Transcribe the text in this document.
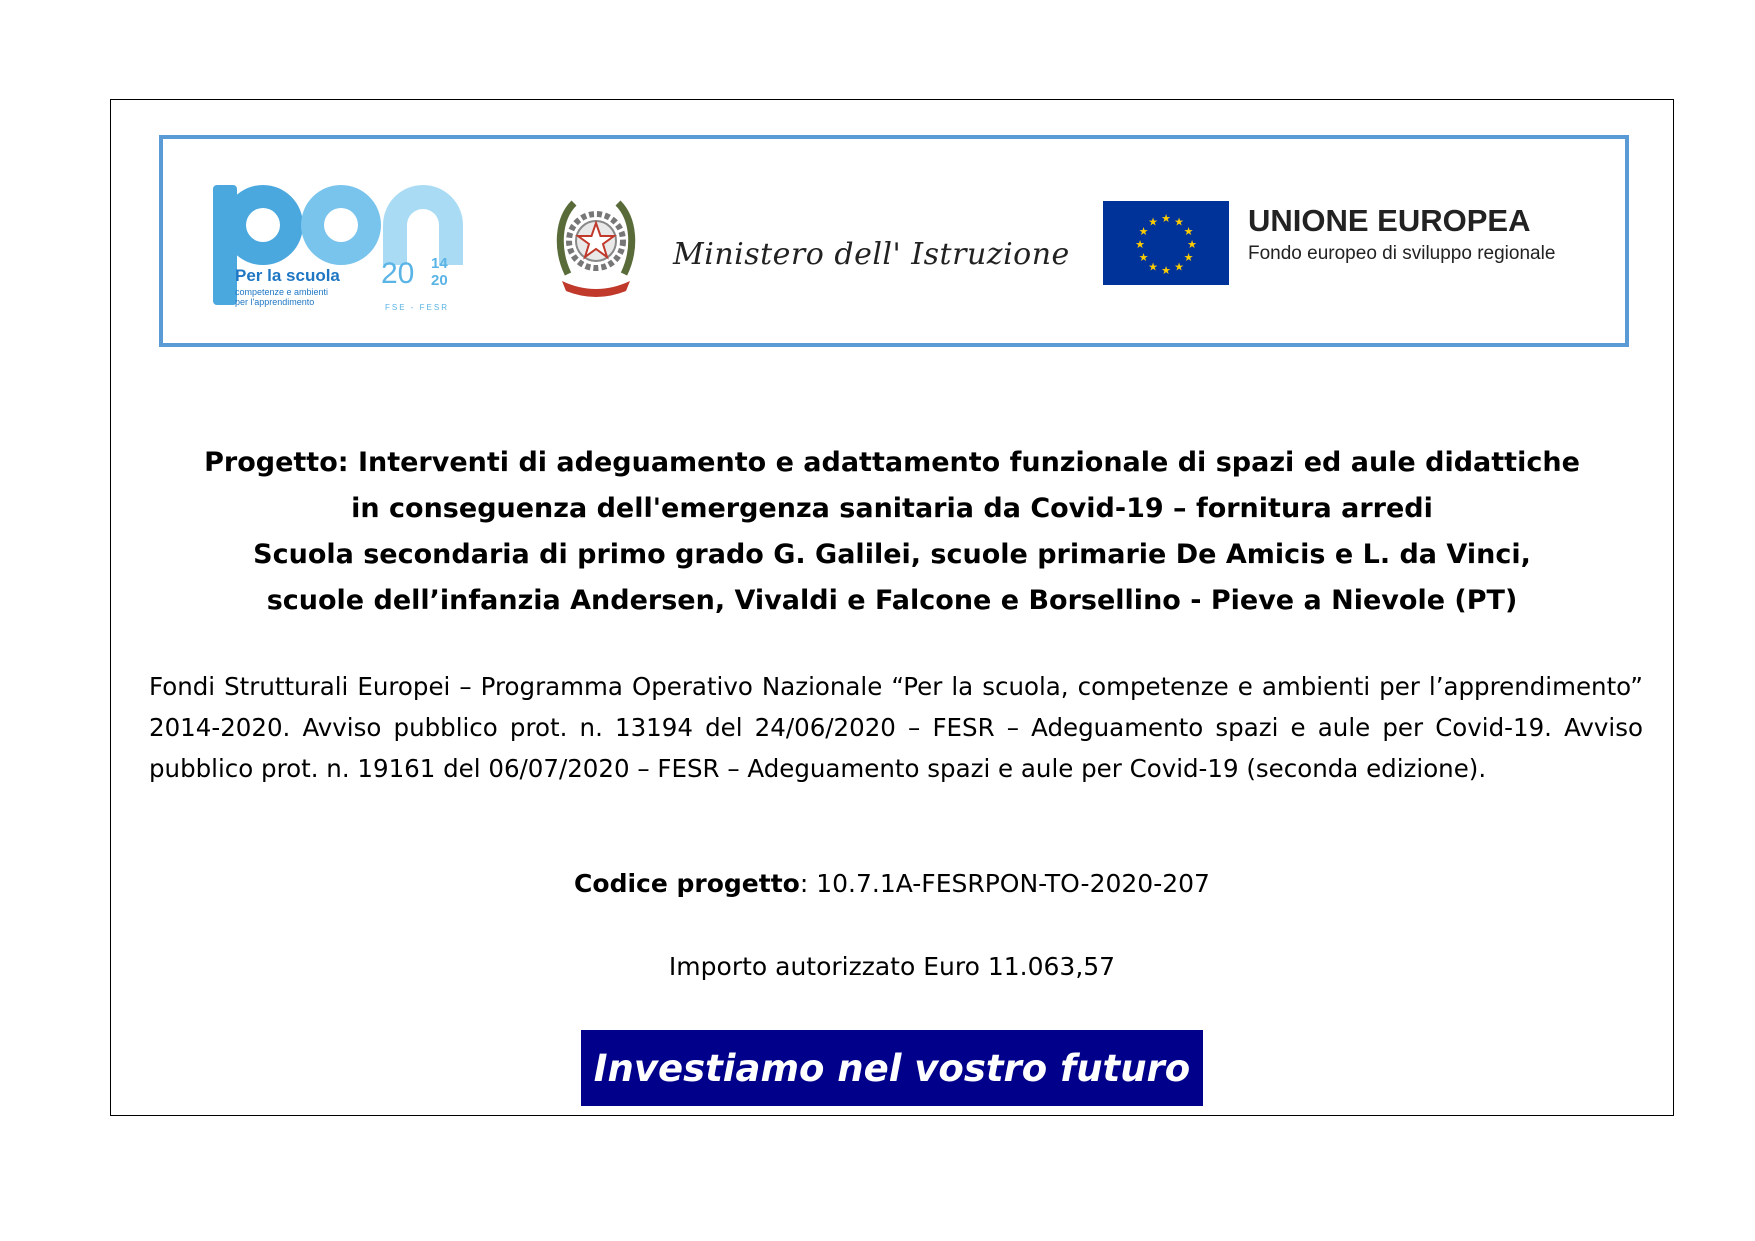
Per la scuola
competenze e ambienti
per l'apprendimento
20 14
20
FSE - FESR
Ministero dell' Istruzione
★ ★
★
★
★
★
★
★
★
★
★
★	UNIONE EUROPEA
Fondo europeo di sviluppo regionale
Progetto: Interventi di adeguamento e adattamento funzionale di spazi ed aule didattiche
in conseguenza dell'emergenza sanitaria da Covid-19 – fornitura arredi
Scuola secondaria di primo grado G. Galilei, scuole primarie De Amicis e L. da Vinci,
scuole dell’infanzia Andersen, Vivaldi e Falcone e Borsellino - Pieve a Nievole (PT)
Fondi Strutturali Europei – Programma Operativo Nazionale “Per la scuola, competenze e ambienti per l’apprendimento” 2014-2020. Avviso pubblico prot. n. 13194 del 24/06/2020 – FESR – Adeguamento spazi e aule per Covid-19. Avviso pubblico prot. n. 19161 del 06/07/2020 – FESR – Adeguamento spazi e aule per Covid-19 (seconda edizione).
Codice progetto: 10.7.1A-FESRPON-TO-2020-207
Importo autorizzato Euro 11.063,57
Investiamo nel vostro futuro
